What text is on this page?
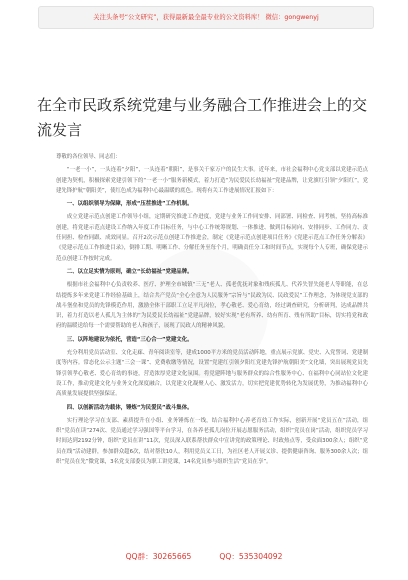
关注头条号“公文研究”，获得最新最全最专业的公文资料库！ 微信：gongwenyj
在全市民政系统党建与业务融合工作推进会上的交流发言

尊敬的各位领导、同志们：

“一老一小”，一头连着“夕阳”，一头连着“朝阳”，是事关千家万户的民生大事。近年来，市社会福利中心党支部以党建示范点创建为契机，积极探索党建引领下的“一老一小”服务新模式，着力打造“为民爱民长幼福祉”党建品牌，让党旗红引领“夕阳红”，党建先锋护航“朝阳美”，使红色成为福利中心最温暖的底色。现将有关工作进展情况汇报如下：

一、以组织领导为保障，形成“压茬推进”工作机制。

成立党建示范点创建工作领导小组，定期研究推进工作进度，党建与业务工作同安排、同部署、同检查、同考核，坚持高标准创建，将党建示范点建设工作纳入年度工作目标任务，与中心工作统筹规划、一体推进、做到目标同向、安排同步、工作同力、责任同担、检查同跟、成效同显。召开2次示范点创建工作推进会，制定《党建示范点创建项目任务》《党建示范点工作任务分解表》《党建示范点工作推进目录》，倒排工期、明晰工作、分解任务至每个月，明确责任分工和时间节点，实现每个人专班，确保党建示范点创建工作按时完成。

二、以立足实情为原则，确立“长幼福祉”党建品牌。

根据市社会福利中心负责收养、医疗、护理全市城镇“三无”老人、孤老优抚对象和残疾孤儿、代养失智失能老人等职能，在总结提炼多年来党建工作经验基础上，结合共产党员“全心全意为人民服务”宗旨与“民政为民、民政爱民”工作理念，为体现党支部的战斗堡垒和党员的先锋模范作用，激励全体干部职工立足平凡岗位，孝心敬老、爱心育幼，经过调查研究，分析研判，达成品牌共识，着力打造以老人孤儿为主体的“为民爱民长幼福祉”党建品牌，较好实现“老有所养、幼有所育、残有所助”目标，切实将党和政府的温暖送给每一个需要帮助的老人和孩子，展现了民政人的精神风貌。

三、以阵地建设为依托，营造“三心合一”党建文化。

充分利用党员活动室、文化走廊、青年阅读室等，建成1000平方米的党员活动阵地，重点展示党旗、党史、入党誓词、党建制度等内容。常态化公示主题“三会一课”、党费收缴等情况，设置“党建红引领夕阳红党建先锋护航朝阳美”文化墙，突出展现党员先锋引领孝心敬老、爱心育幼的事迹，营造浓厚党建文化氛围。将党建阵地与服务群众的综合性服务中心、在福利中心同站位文化建设工作，推动党建文化与业务文化深度融合，以党建文化凝聚人心、激发活力，切实把党建优势转化为发展优势，为推动福利中心高质量发展提供坚强保证。

四、以创新活动为载体，锤炼“为民爱民”战斗集体。

实行理论学习在支部、素质提升在小组、业务锤炼在一线，结合福利中心养老育幼工作实际，创新开展“党员五在”活动，组织“党员在读”274次、党员通过学习强国等平台学习，在各养老孤儿岗位开展志愿服务活动，组织“党员在岗”活动，组织党员学习时间达到2192分钟，组织“党员在讲”11次，党员深入联系帮扶群众中宣讲党的政策理论、时政热点等，受众面300余人；组织“党员在线”活动建群，参加群众超6次，结对帮扶10人，利用党员义工日，为社区老人开展义诊、提供健康咨询、服务300余人次；组织“党员在先”微党课，3名党支部委员为职工讲党课，14名党员参与组织生活“党员在享”。

QQ群：30265665	QQ：535304092
